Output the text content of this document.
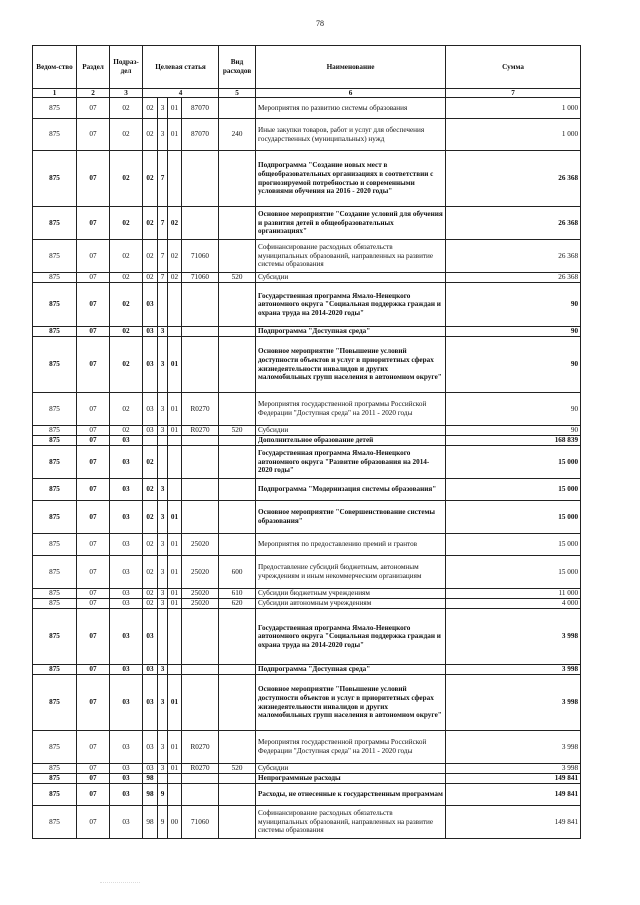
78
Ведом-ство	Раздел	Подраз-дел	Целевая статья				Вид расходов	Наименование	Сумма
1	2	3	4				5	6	7
875	07	02	02	3	01	87070		Мероприятия по развитию системы образования	1 000
875	07	02	02	3	01	87070	240	Иные закупки товаров, работ и услуг для обеспечения государственных (муниципальных) нужд	1 000
875	07	02	02	7				Подпрограмма "Создание новых мест в общеобразовательных организациях в соответствии с прогнозируемой потребностью и современными условиями обучения на 2016 - 2020 годы"	26 368
875	07	02	02	7	02			Основное мероприятие "Создание условий для обучения и развития детей в общеобразовательных организациях"	26 368
875	07	02	02	7	02	71060		Софинансирование расходных обязательств муниципальных образований, направленных на развитие системы образования	26 368
875	07	02	02	7	02	71060	520	Субсидии	26 368
875	07	02	03					Государственная программа Ямало-Ненецкого автономного округа "Социальная поддержка граждан и охрана труда на 2014-2020 годы"	90
875	07	02	03	3				Подпрограмма "Доступная среда"	90
875	07	02	03	3	01			Основное мероприятие "Повышение условий доступности объектов и услуг в приоритетных сферах жизнедеятельности инвалидов и других маломобильных групп населения в автономном округе"	90
875	07	02	03	3	01	R0270		Мероприятия государственной программы Российской Федерации "Доступная среда" на 2011 - 2020 годы	90
875	07	02	03	3	01	R0270	520	Субсидии	90
875	07	03						Дополнительное образование детей	168 839
875	07	03	02					Государственная программа Ямало-Ненецкого автономного округа "Развитие образования на 2014-2020 годы"	15 000
875	07	03	02	3				Подпрограмма "Модернизация системы образования"	15 000
875	07	03	02	3	01			Основное мероприятие "Совершенствование системы образования"	15 000
875	07	03	02	3	01	25020		Мероприятия по предоставлению премий и грантов	15 000
875	07	03	02	3	01	25020	600	Предоставление субсидий бюджетным, автономным учреждениям и иным некоммерческим организациям	15 000
875	07	03	02	3	01	25020	610	Субсидии бюджетным учреждениям	11 000
875	07	03	02	3	01	25020	620	Субсидии автономным учреждениям	4 000
875	07	03	03					Государственная программа Ямало-Ненецкого автономного округа "Социальная поддержка граждан и охрана труда на 2014-2020 годы"	3 998
875	07	03	03	3				Подпрограмма "Доступная среда"	3 998
875	07	03	03	3	01			Основное мероприятие "Повышение условий доступности объектов и услуг в приоритетных сферах жизнедеятельности инвалидов и других маломобильных групп населения в автономном округе"	3 998
875	07	03	03	3	01	R0270		Мероприятия государственной программы Российской Федерации "Доступная среда" на 2011 - 2020 годы	3 998
875	07	03	03	3	01	R0270	520	Субсидии	3 998
875	07	03	98					Непрограммные расходы	149 841
875	07	03	98	9				Расходы, не отнесенные к государственным программам	149 841
875	07	03	98	9	00	71060		Софинансирование расходных обязательств муниципальных образований, направленных на развитие системы образования	149 841
